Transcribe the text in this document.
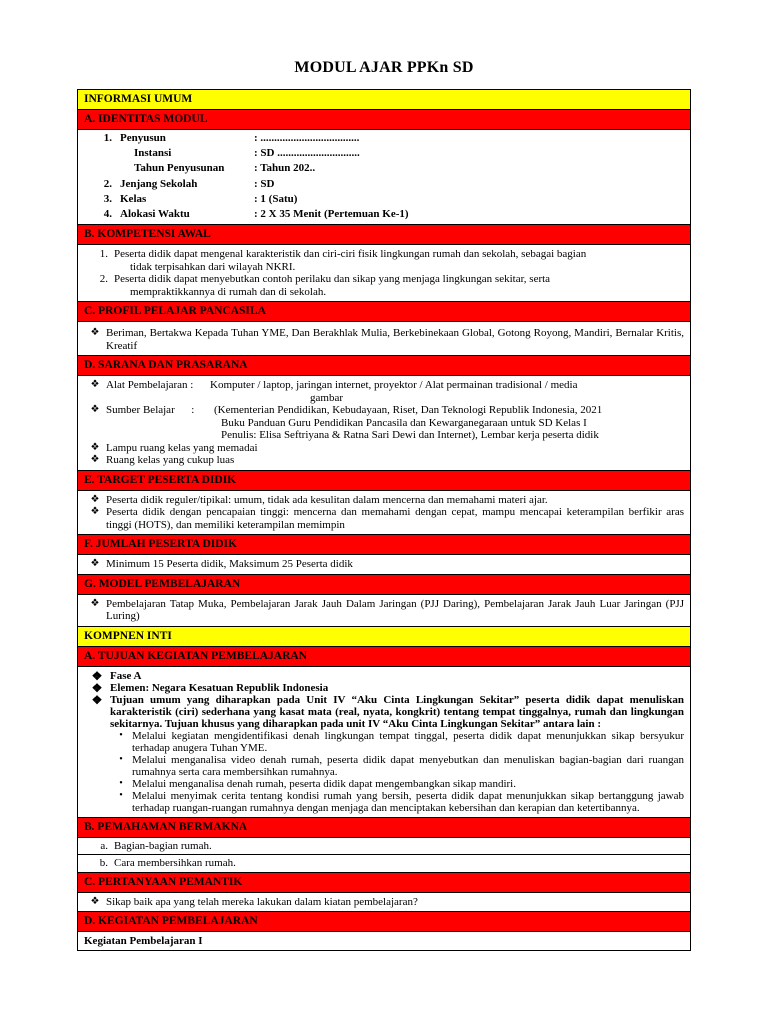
MODUL AJAR PPKn SD
INFORMASI UMUM
A. IDENTITAS MODUL

1. Penyusun	: ....................................
Instansi	: SD ..............................
Tahun Penyusunan	: Tahun 202..
2. Jenjang Sekolah	: SD
3. Kelas	: 1 (Satu)
4. Alokasi Waktu	: 2 X 35 Menit (Pertemuan Ke-1)

B. KOMPETENSI AWAL

1. Peserta didik dapat mengenal karakteristik dan ciri-ciri fisik lingkungan rumah dan sekolah, sebagai bagian
tidak terpisahkan dari wilayah NKRI.
2. Peserta didik dapat menyebutkan contoh perilaku dan sikap yang menjaga lingkungan sekitar, serta
mempraktikkannya di rumah dan di sekolah.

C. PROFIL PELAJAR PANCASILA

❖ Beriman, Bertakwa Kepada Tuhan YME, Dan Berakhlak Mulia, Berkebinekaan Global, Gotong Royong, Mandiri, Bernalar Kritis, Kreatif

D. SARANA DAN PRASARANA

❖ Alat Pembelajaran :	Komputer / laptop, jaringan internet, proyektor / Alat permainan tradisional / media
gambar
❖ Sumber Belajar      :	(Kementerian Pendidikan, Kebudayaan, Riset, Dan Teknologi Republik Indonesia, 2021
Buku Panduan Guru Pendidikan Pancasila dan Kewarganegaraan untuk SD Kelas I
Penulis: Elisa Seftriyana & Ratna Sari Dewi dan Internet), Lembar kerja peserta didik
❖ Lampu ruang kelas yang memadai
❖ Ruang kelas yang cukup luas

E. TARGET PESERTA DIDIK

❖ Peserta didik reguler/tipikal: umum, tidak ada kesulitan dalam mencerna dan memahami materi ajar.
❖ Peserta didik dengan pencapaian tinggi: mencerna dan memahami dengan cepat, mampu mencapai keterampilan berfikir aras tinggi (HOTS), dan memiliki keterampilan memimpin

F. JUMLAH PESERTA DIDIK

❖ Minimum 15 Peserta didik, Maksimum 25 Peserta didik

G. MODEL PEMBELAJARAN

❖ Pembelajaran Tatap Muka, Pembelajaran Jarak Jauh Dalam Jaringan (PJJ Daring), Pembelajaran Jarak Jauh Luar Jaringan (PJJ Luring)

KOMPNEN INTI
A. TUJUAN KEGIATAN PEMBELAJARAN

❖ Fase A
❖ Elemen: Negara Kesatuan Republik Indonesia
❖ Tujuan umum yang diharapkan pada Unit IV “Aku Cinta Lingkungan Sekitar” peserta didik dapat menuliskan karakteristik (ciri) sederhana yang kasat mata (real, nyata, kongkrit) tentang tempat tinggalnya, rumah dan lingkungan sekitarnya. Tujuan khusus yang diharapkan pada unit IV “Aku Cinta Lingkungan Sekitar” antara lain :
• Melalui kegiatan mengidentifikasi denah lingkungan tempat tinggal, peserta didik dapat menunjukkan sikap bersyukur terhadap anugera Tuhan YME.
• Melalui menganalisa video denah rumah, peserta didik dapat menyebutkan dan menuliskan bagian-bagian dari ruangan rumahnya serta cara membersihkan rumahnya.
• Melalui menganalisa denah rumah, peserta didik dapat mengembangkan sikap mandiri.
• Melalui menyimak cerita tentang kondisi rumah yang bersih, peserta didik dapat menunjukkan sikap bertanggung jawab terhadap ruangan-ruangan rumahnya dengan menjaga dan menciptakan kebersihan dan kerapian dan ketertibannya.

B. PEMAHAMAN BERMAKNA

a. Bagian-bagian rumah.

b. Cara membersihkan rumah.

C. PERTANYAAN PEMANTIK

❖ Sikap baik apa yang telah mereka lakukan dalam kiatan pembelajaran?

D. KEGIATAN PEMBELAJARAN
Kegiatan Pembelajaran I
